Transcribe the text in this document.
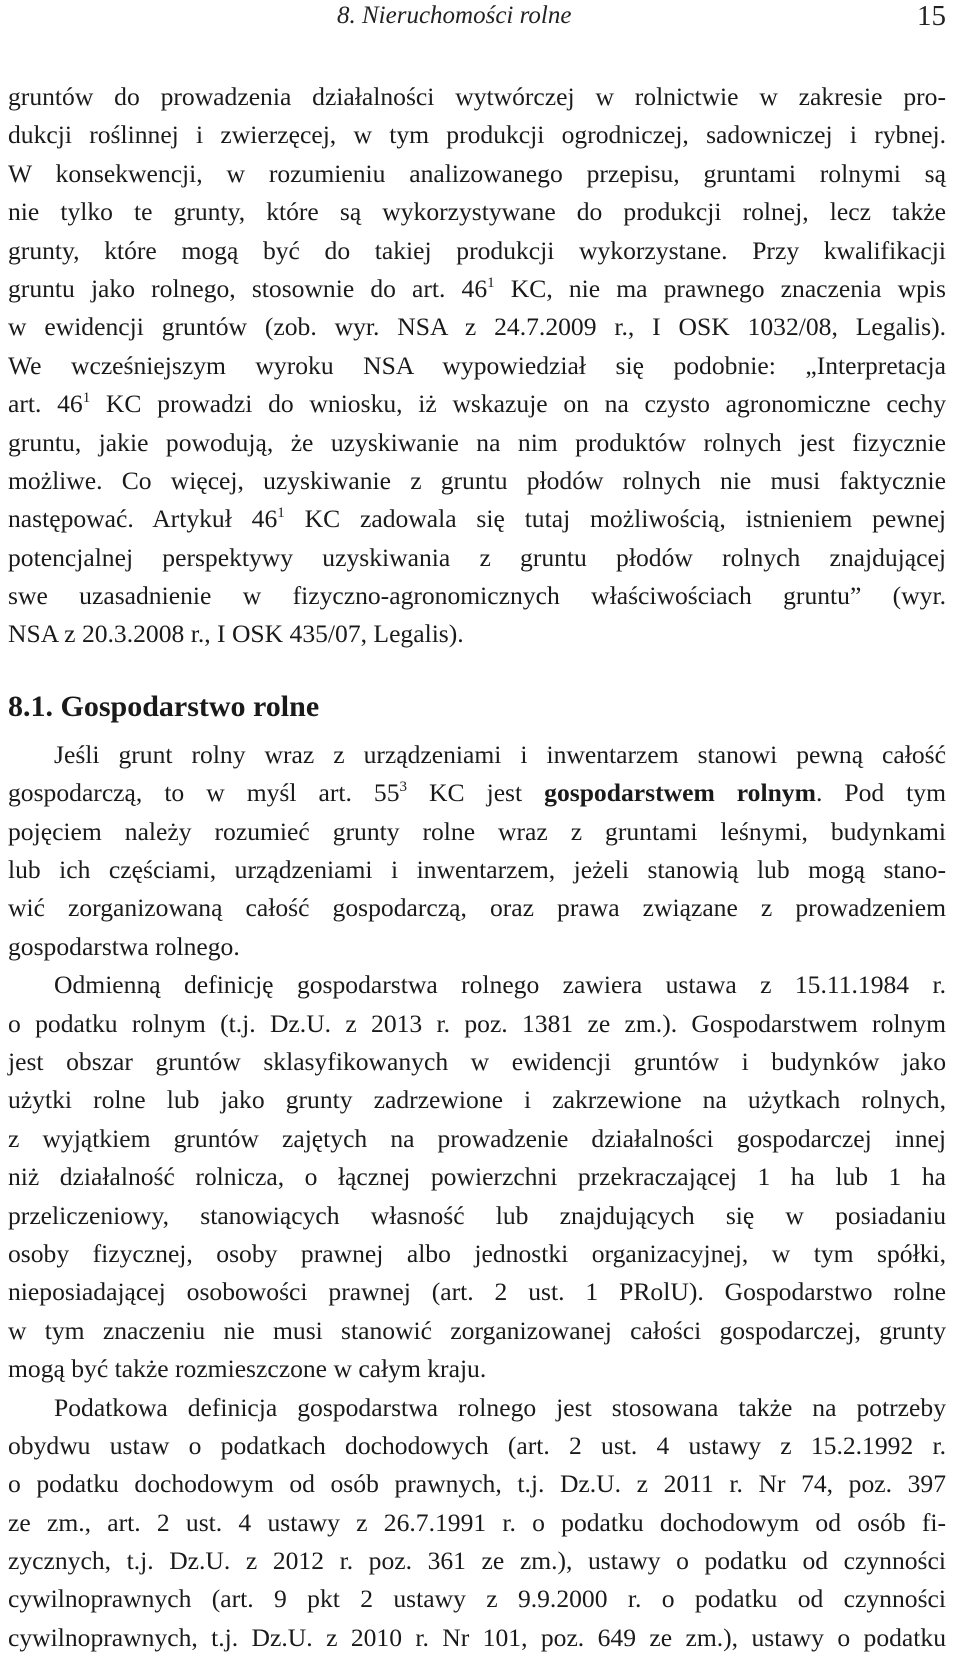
8. Nieruchomości rolne	15
gruntów do prowadzenia działalności wytwórczej w rolnictwie w zakresie pro-
dukcji roślinnej i zwierzęcej, w tym produkcji ogrodniczej, sadowniczej i rybnej.
W konsekwencji, w rozumieniu analizowanego przepisu, gruntami rolnymi są
nie tylko te grunty, które są wykorzystywane do produkcji rolnej, lecz także
grunty, które mogą być do takiej produkcji wykorzystane. Przy kwalifikacji
gruntu jako rolnego, stosownie do art. $46^1$ KC, nie ma prawnego znaczenia wpis
w ewidencji gruntów (zob. wyr. NSA z 24.7.2009 r., I OSK 1032/08, Legalis).
We wcześniejszym wyroku NSA wypowiedział się podobnie: „Interpretacja
art. $46^1$ KC prowadzi do wniosku, iż wskazuje on na czysto agronomiczne cechy
gruntu, jakie powodują, że uzyskiwanie na nim produktów rolnych jest fizycznie
możliwe. Co więcej, uzyskiwanie z gruntu płodów rolnych nie musi faktycznie
następować. Artykuł $46^1$ KC zadowala się tutaj możliwością, istnieniem pewnej
potencjalnej perspektywy uzyskiwania z gruntu płodów rolnych znajdującej
swe uzasadnienie w fizyczno-agronomicznych właściwościach gruntu” (wyr.
NSA z 20.3.2008 r., I OSK 435/07, Legalis).
8.1. Gospodarstwo rolne
Jeśli grunt rolny wraz z urządzeniami i inwentarzem stanowi pewną całość
gospodarczą, to w myśl art. $55^3$ KC jest gospodarstwem rolnym. Pod tym
pojęciem należy rozumieć grunty rolne wraz z gruntami leśnymi, budynkami
lub ich częściami, urządzeniami i inwentarzem, jeżeli stanowią lub mogą stano-
wić zorganizowaną całość gospodarczą, oraz prawa związane z prowadzeniem
gospodarstwa rolnego.
Odmienną definicję gospodarstwa rolnego zawiera ustawa z 15.11.1984 r.
o podatku rolnym (t.j. Dz.U. z 2013 r. poz. 1381 ze zm.). Gospodarstwem rolnym
jest obszar gruntów sklasyfikowanych w ewidencji gruntów i budynków jako
użytki rolne lub jako grunty zadrzewione i zakrzewione na użytkach rolnych,
z wyjątkiem gruntów zajętych na prowadzenie działalności gospodarczej innej
niż działalność rolnicza, o łącznej powierzchni przekraczającej 1 ha lub 1 ha
przeliczeniowy, stanowiących własność lub znajdujących się w posiadaniu
osoby fizycznej, osoby prawnej albo jednostki organizacyjnej, w tym spółki,
nieposiadającej osobowości prawnej (art. 2 ust. 1 PRolU). Gospodarstwo rolne
w tym znaczeniu nie musi stanowić zorganizowanej całości gospodarczej, grunty
mogą być także rozmieszczone w całym kraju.
Podatkowa definicja gospodarstwa rolnego jest stosowana także na potrzeby
obydwu ustaw o podatkach dochodowych (art. 2 ust. 4 ustawy z 15.2.1992 r.
o podatku dochodowym od osób prawnych, t.j. Dz.U. z 2011 r. Nr 74, poz. 397
ze zm., art. 2 ust. 4 ustawy z 26.7.1991 r. o podatku dochodowym od osób fi-
zycznych, t.j. Dz.U. z 2012 r. poz. 361 ze zm.), ustawy o podatku od czynności
cywilnoprawnych (art. 9 pkt 2 ustawy z 9.9.2000 r. o podatku od czynności
cywilnoprawnych, t.j. Dz.U. z 2010 r. Nr 101, poz. 649 ze zm.), ustawy o podatku
